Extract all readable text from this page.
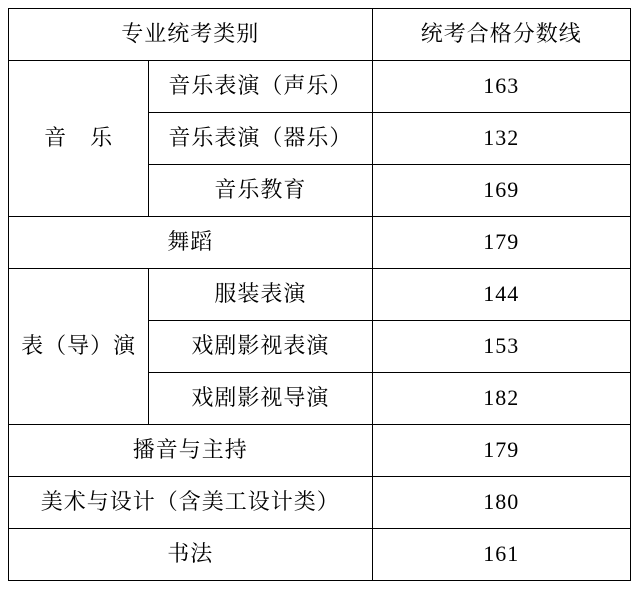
专业统考类别		统考合格分数线
音　乐	音乐表演（声乐）	163
	音乐表演（器乐）	132
	音乐教育	169
舞蹈		179
表（导）演	服装表演	144
	戏剧影视表演	153
	戏剧影视导演	182
播音与主持		179
美术与设计（含美工设计类）		180
书法		161
